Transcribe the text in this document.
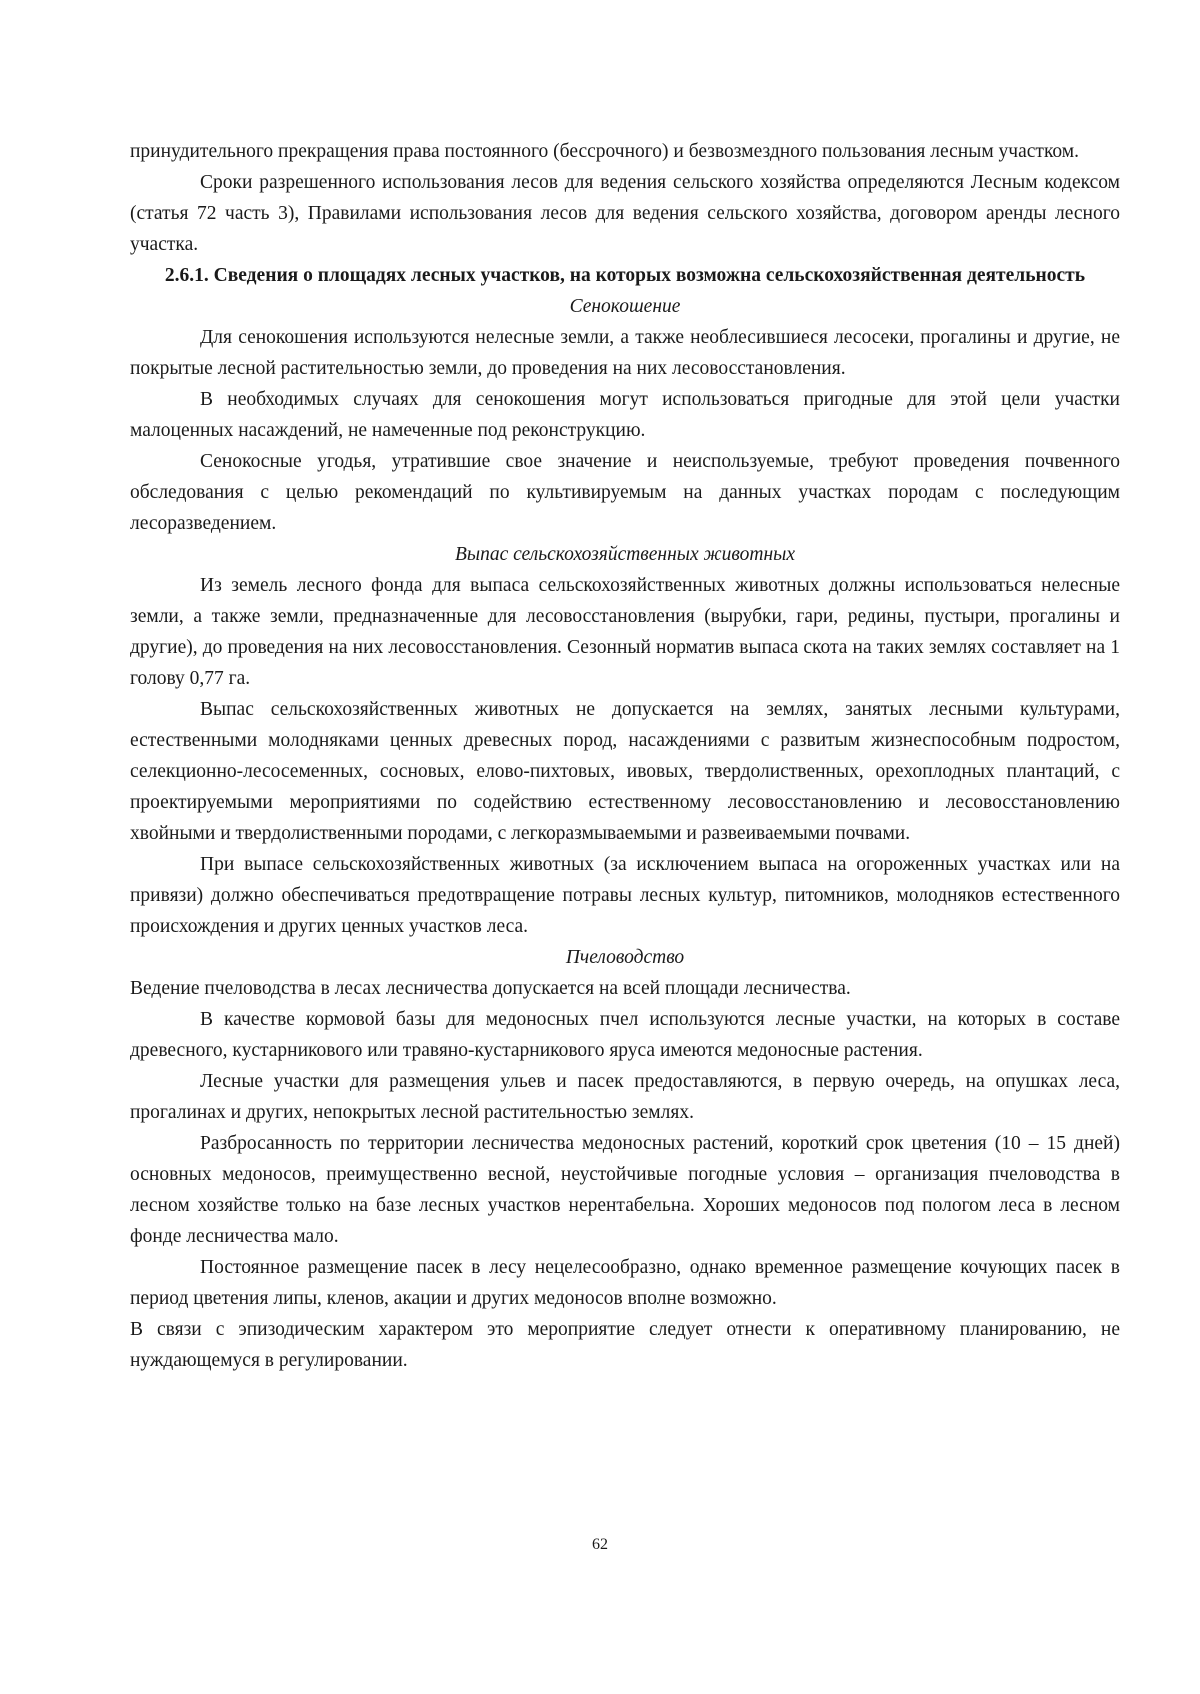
принудительного прекращения права постоянного (бессрочного) и безвозмездного пользования лесным участком.

Сроки разрешенного использования лесов для ведения сельского хозяйства определяются Лесным кодексом (статья 72 часть 3), Правилами использования лесов для ведения сельского хозяйства, договором аренды лесного участка.

2.6.1. Сведения о площадях лесных участков, на которых возможна сельскохозяйственная деятельность

Сенокошение

Для сенокошения используются нелесные земли, а также необлесившиеся лесосеки, прогалины и другие, не покрытые лесной растительностью земли, до проведения на них лесовосстановления.

В необходимых случаях для сенокошения могут использоваться пригодные для этой цели участки малоценных насаждений, не намеченные под реконструкцию.

Сенокосные угодья, утратившие свое значение и неиспользуемые, требуют проведения почвенного обследования с целью рекомендаций по культивируемым на данных участках породам с последующим лесоразведением.

Выпас сельскохозяйственных животных

Из земель лесного фонда для выпаса сельскохозяйственных животных должны использоваться нелесные земли, а также земли, предназначенные для лесовосстановления (вырубки, гари, редины, пустыри, прогалины и другие), до проведения на них лесовосстановления. Сезонный норматив выпаса скота на таких землях составляет на 1 голову 0,77 га.

Выпас сельскохозяйственных животных не допускается на землях, занятых лесными культурами, естественными молодняками ценных древесных пород, насаждениями с развитым жизнеспособным подростом, селекционно-лесосеменных, сосновых, елово-пихтовых, ивовых, твердолиственных, орехоплодных плантаций, с проектируемыми мероприятиями по содействию естественному лесовосстановлению и лесовосстановлению хвойными и твердолиственными породами, с легкоразмываемыми и развеиваемыми почвами.

При выпасе сельскохозяйственных животных (за исключением выпаса на огороженных участках или на привязи) должно обеспечиваться предотвращение потравы лесных культур, питомников, молодняков естественного происхождения и других ценных участков леса.

Пчеловодство

Ведение пчеловодства в лесах лесничества допускается на всей площади лесничества.

В качестве кормовой базы для медоносных пчел используются лесные участки, на которых в составе древесного, кустарникового или травяно-кустарникового яруса имеются медоносные растения.

Лесные участки для размещения ульев и пасек предоставляются, в первую очередь, на опушках леса, прогалинах и других, непокрытых лесной растительностью землях.

Разбросанность по территории лесничества медоносных растений, короткий срок цветения (10 – 15 дней) основных медоносов, преимущественно весной, неустойчивые погодные условия – организация пчеловодства в лесном хозяйстве только на базе лесных участков нерентабельна. Хороших медоносов под пологом леса в лесном фонде лесничества мало.

Постоянное размещение пасек в лесу нецелесообразно, однако временное размещение кочующих пасек в период цветения липы, кленов, акации и других медоносов вполне возможно.

В связи с эпизодическим характером это мероприятие следует отнести к оперативному планированию, не нуждающемуся в регулировании.

62
